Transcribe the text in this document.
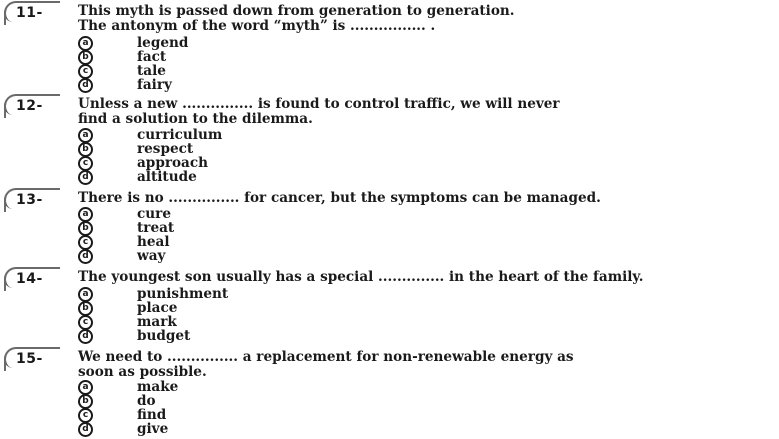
11-	This myth is passed down from generation to generation.
The antonym of the word “myth” is ................ .
a	legend
b	fact
c	tale
d	fairy
12-	Unless a new ............... is found to control traffic, we will never
find a solution to the dilemma.
a	curriculum
b	respect
c	approach
d	altitude
13-	There is no ............... for cancer, but the symptoms can be managed.
a	cure
b	treat
c	heal
d	way
14-	The youngest son usually has a special .............. in the heart of the family.
a	punishment
b	place
c	mark
d	budget
15-	We need to ............... a replacement for non-renewable energy as
soon as possible.
a	make
b	do
c	find
d	give
